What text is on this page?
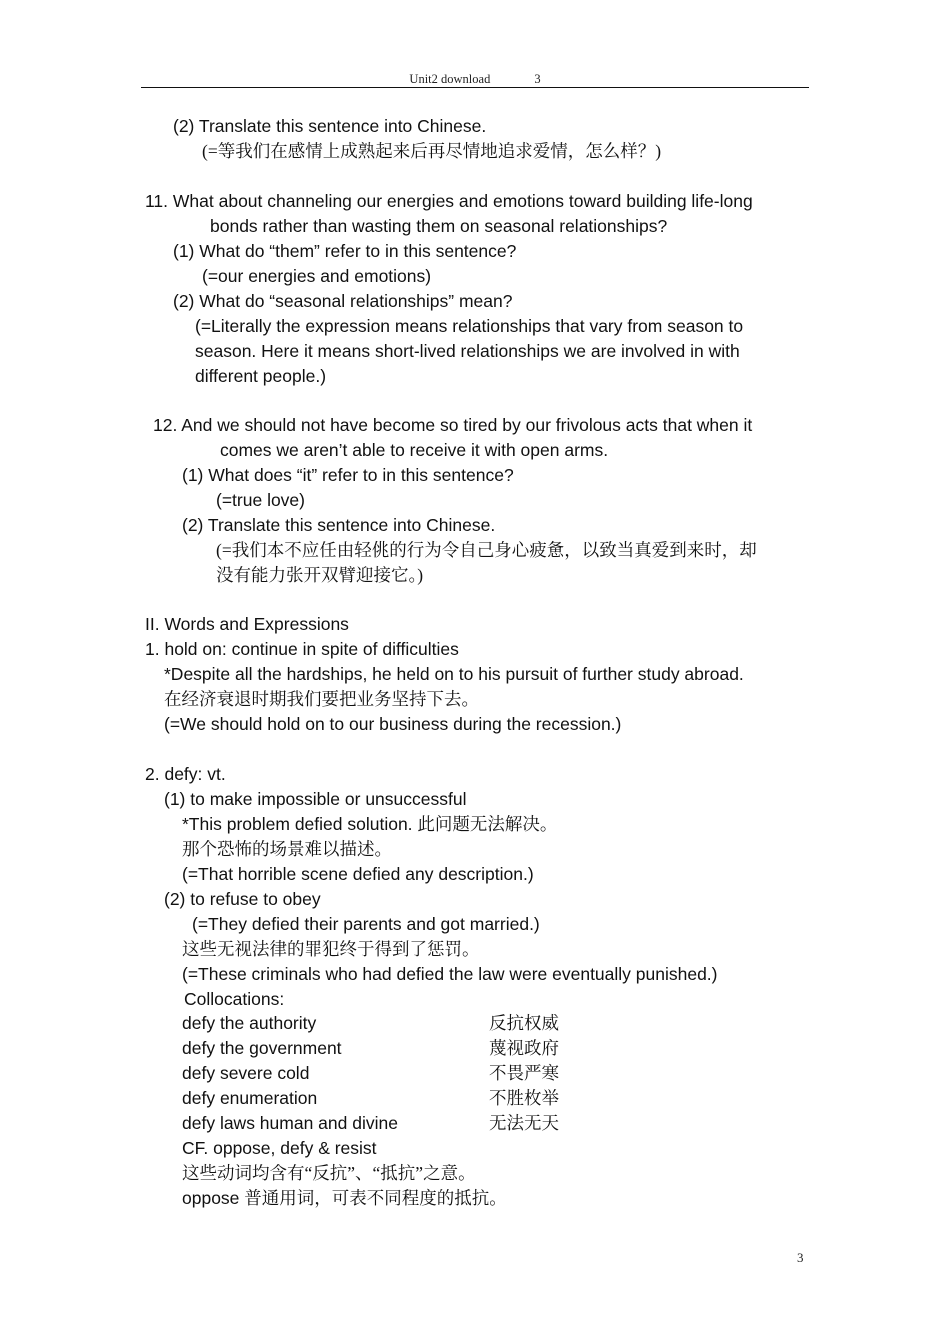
Unit2 download	3
(2) Translate this sentence into Chinese.
(=等我们在感情上成熟起来后再尽情地追求爱情，怎么样？)
11. What about channeling our energies and emotions toward building life-long
bonds rather than wasting them on seasonal relationships?
(1) What do “them” refer to in this sentence?
(=our energies and emotions)
(2) What do “seasonal relationships” mean?
(=Literally the expression means relationships that vary from season to
season. Here it means short-lived relationships we are involved in with
different people.)
12. And we should not have become so tired by our frivolous acts that when it
comes we aren’t able to receive it with open arms.
(1) What does “it” refer to in this sentence?
(=true love)
(2) Translate this sentence into Chinese.
(=我们本不应任由轻佻的行为令自己身心疲惫，以致当真爱到来时，却
没有能力张开双臂迎接它。)
II. Words and Expressions
1. hold on: continue in spite of difficulties
*Despite all the hardships, he held on to his pursuit of further study abroad.
在经济衰退时期我们要把业务坚持下去。
(=We should hold on to our business during the recession.)
2. defy: vt.
(1) to make impossible or unsuccessful
*This problem defied solution. 此问题无法解决。
那个恐怖的场景难以描述。
(=That horrible scene defied any description.)
(2) to refuse to obey
(=They defied their parents and got married.)
这些无视法律的罪犯终于得到了惩罚。
(=These criminals who had defied the law were eventually punished.)
Collocations:
defy the authority	反抗权威
defy the government	蔑视政府
defy severe cold	不畏严寒
defy enumeration	不胜枚举
defy laws human and divine	无法无天
CF. oppose, defy & resist
这些动词均含有“反抗”、“抵抗”之意。
oppose 普通用词，可表不同程度的抵抗。
3
